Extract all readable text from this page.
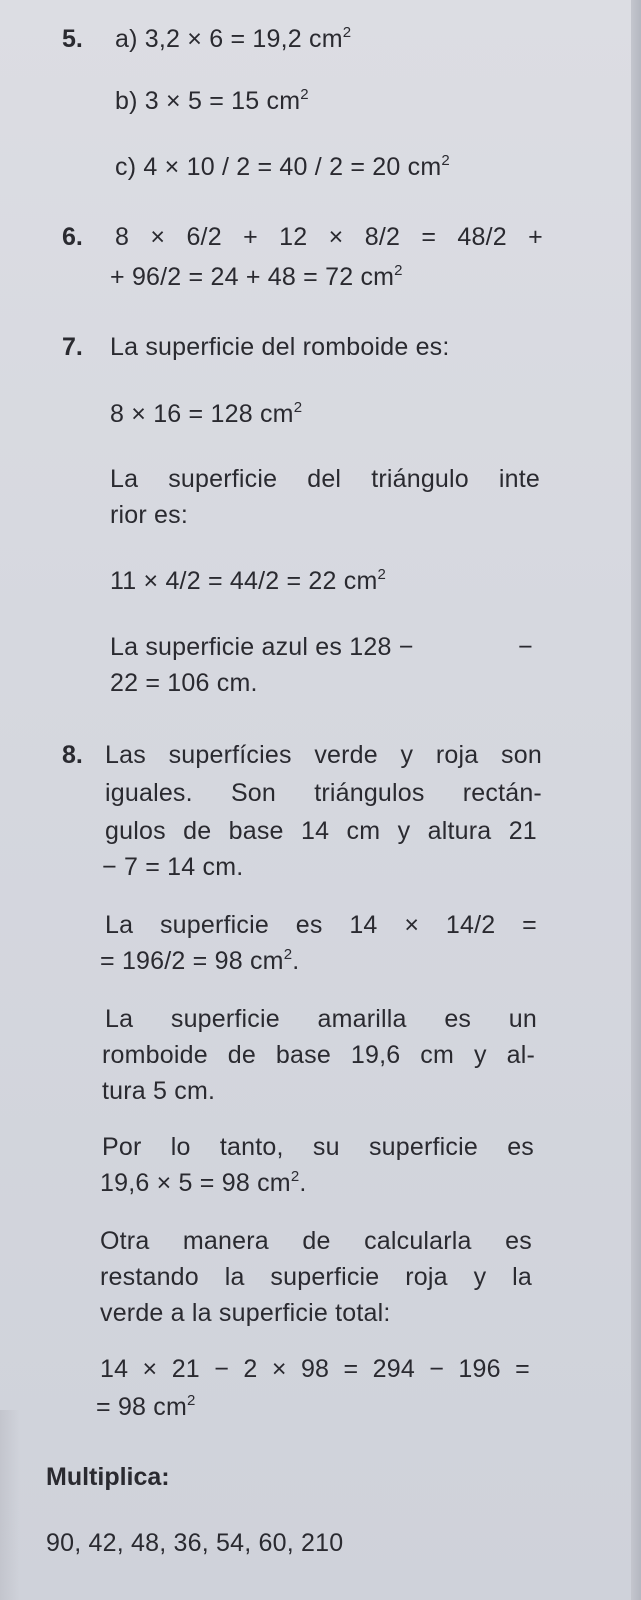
5. a) 3,2 × 6 = 19,2 $cm^2$
b) 3 × 5 = 15 $cm^2$
c) 4 × 10 / 2 = 40 / 2 = 20 $cm^2$
6. 8 × 6/2 + 12 × 8/2 = 48/2 +
+ 96/2 = 24 + 48 = 72 $cm^2$
7. La superficie del romboide es:
8 × 16 = 128 $cm^2$
La superficie del triángulo inte
rior es:
11 × 4/2 = 44/2 = 22 $cm^2$
La superficie azul es 128 −	−
22 = 106 cm.
8. Las superfícies verde y roja son
iguales. Son triángulos rectán-
gulos de base 14 cm y altura 21
− 7 = 14 cm.
La superficie es 14 × 14/2 =
= 196/2 = 98 $cm^2$.
La superficie amarilla es un
romboide de base 19,6 cm y al-
tura 5 cm.
Por lo tanto, su superficie es
19,6 × 5 = 98 $cm^2$.
Otra manera de calcularla es
restando la superficie roja y la
verde a la superficie total:
14 × 21 − 2 × 98 = 294 − 196 =
= 98 $cm^2$
Multiplica:
90, 42, 48, 36, 54, 60, 210
